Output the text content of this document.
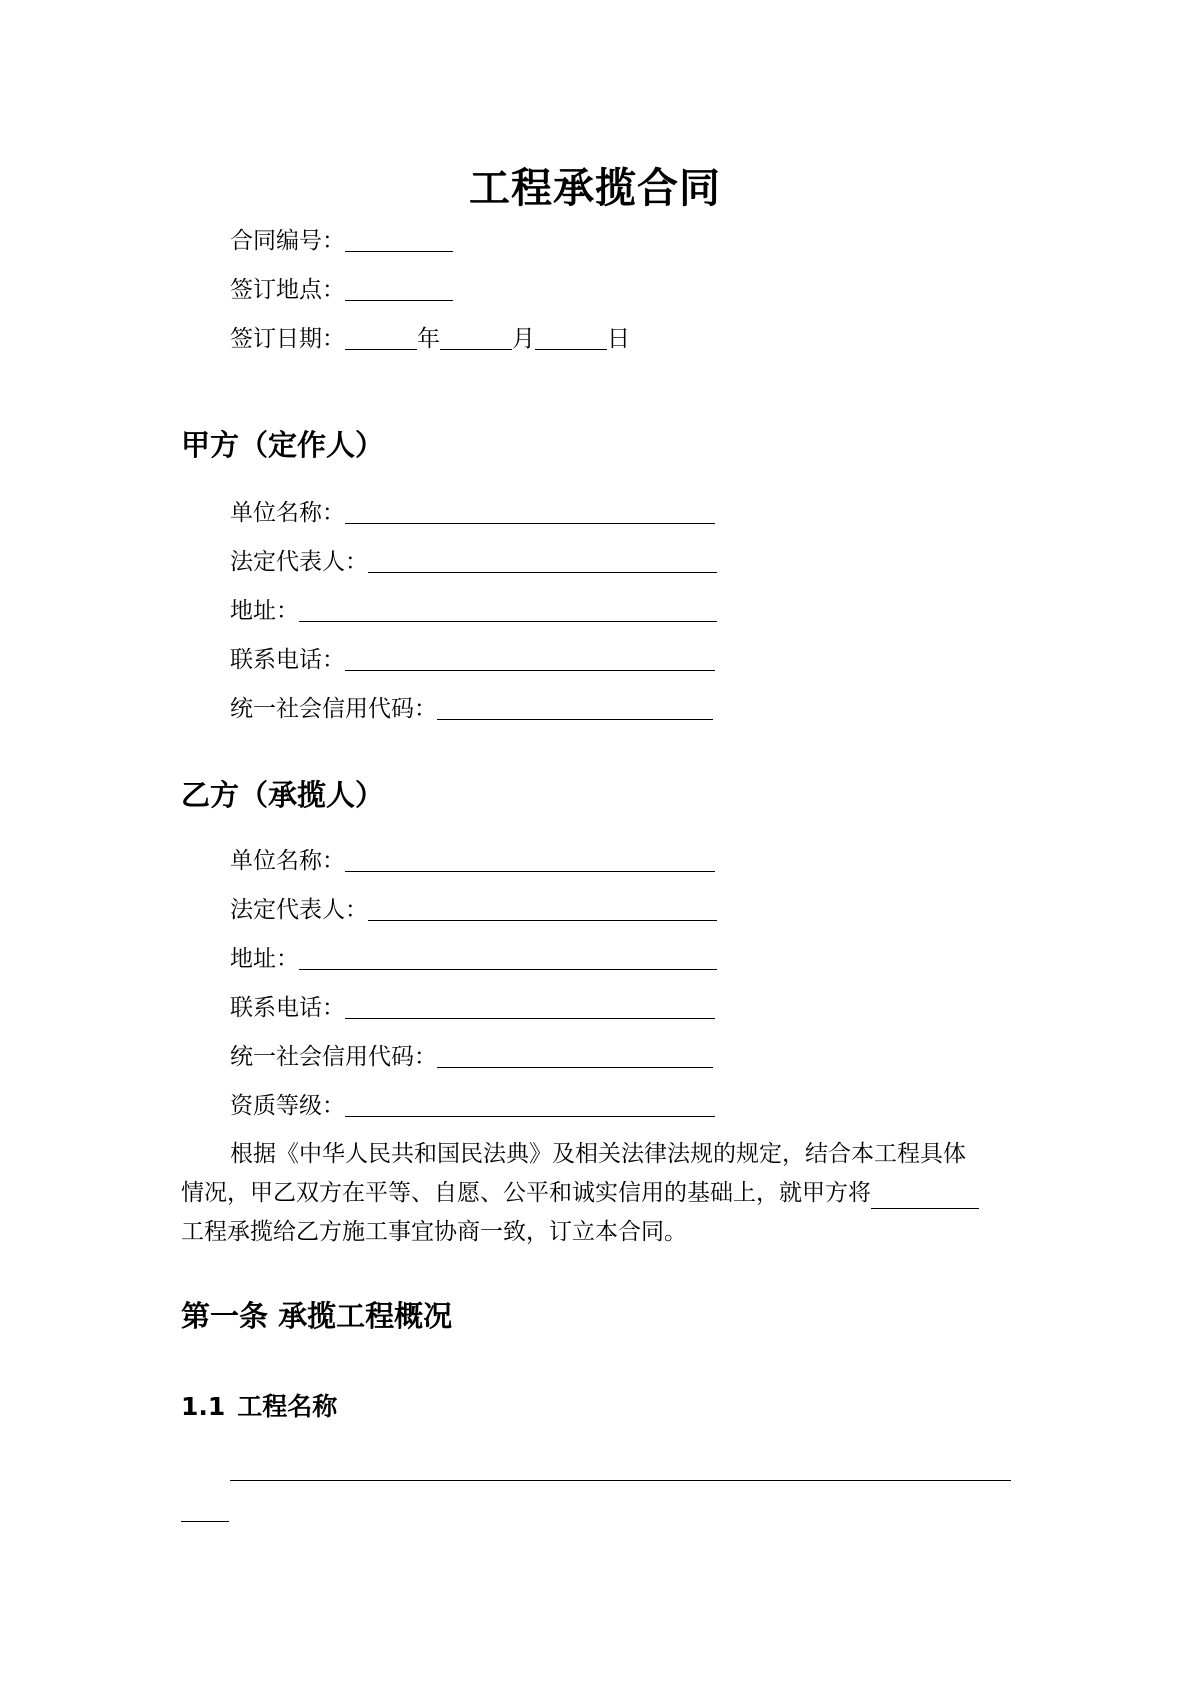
工程承揽合同
合同编号：
签订地点：
签订日期：	年	月	日
甲方（定作人）
单位名称：
法定代表人：
地址：
联系电话：
统一社会信用代码：
乙方（承揽人）
单位名称：
法定代表人：
地址：
联系电话：
统一社会信用代码：
资质等级：
根据《中华人民共和国民法典》及相关法律法规的规定，结合本工程具体
情况，甲乙双方在平等、自愿、公平和诚实信用的基础上，就甲方将
工程承揽给乙方施工事宜协商一致，订立本合同。
第一条 承揽工程概况
1.1 工程名称
